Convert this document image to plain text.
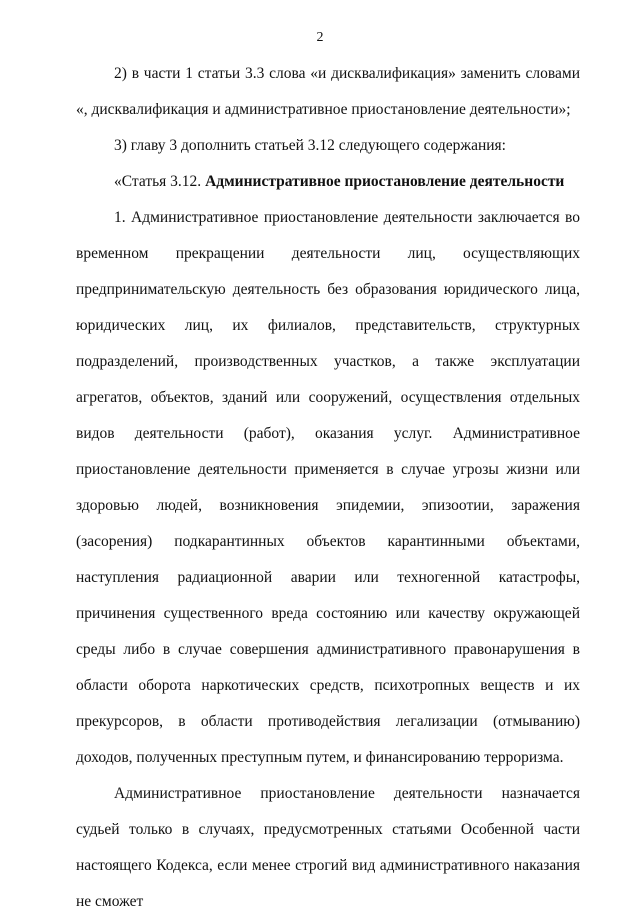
2

2) в части 1 статьи 3.3 слова «и дисквалификация» заменить словами «, дисквалификация и административное приостановление деятельности»;

3) главу 3 дополнить статьей 3.12 следующего содержания:

«Статья 3.12. Административное приостановление деятельности

1. Административное приостановление деятельности заключается во временном прекращении деятельности лиц, осуществляющих предпринимательскую деятельность без образования юридического лица, юридических лиц, их филиалов, представительств, структурных подразделений, производственных участков, а также эксплуатации агрегатов, объектов, зданий или сооружений, осуществления отдельных видов деятельности (работ), оказания услуг. Административное приостановление деятельности применяется в случае угрозы жизни или здоровью людей, возникновения эпидемии, эпизоотии, заражения (засорения) подкарантинных объектов карантинными объектами, наступления радиационной аварии или техногенной катастрофы, причинения существенного вреда состоянию или качеству окружающей среды либо в случае совершения административного правонарушения в области оборота наркотических средств, психотропных веществ и их прекурсоров, в области противодействия легализации (отмыванию) доходов, полученных преступным путем, и финансированию терроризма.

Административное приостановление деятельности назначается судьей только в случаях, предусмотренных статьями Особенной части настоящего Кодекса, если менее строгий вид административного наказания не сможет
